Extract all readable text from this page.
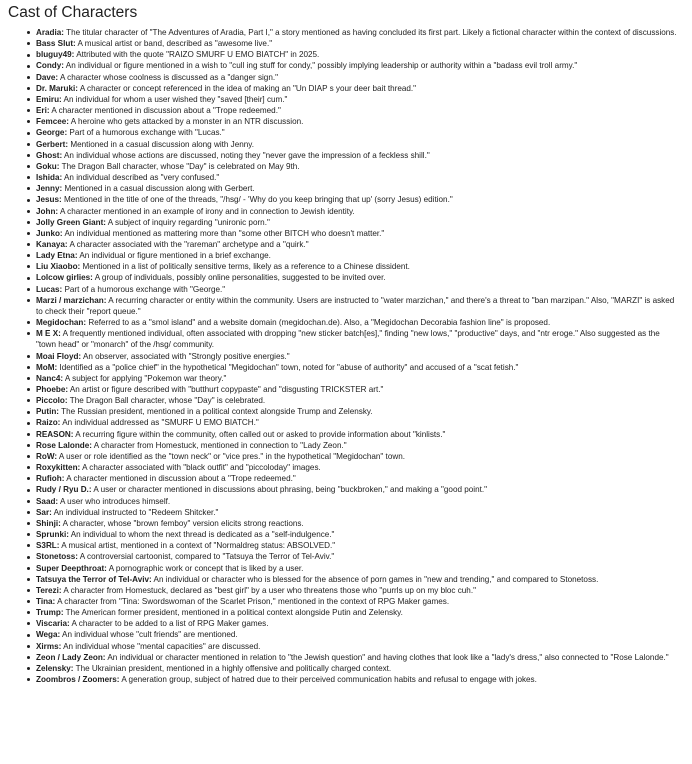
Cast of Characters
Aradia: The titular character of "The Adventures of Aradia, Part I," a story mentioned as having concluded its first part. Likely a fictional character within the context of discussions.
Bass Slut: A musical artist or band, described as "awesome live."
bluguy49: Attributed with the quote "RAIZO SMURF U EMO BIATCH" in 2025.
Condy: An individual or figure mentioned in a wish to "cull ing stuff for condy," possibly implying leadership or authority within a "badass evil troll army."
Dave: A character whose coolness is discussed as a "danger sign."
Dr. Maruki: A character or concept referenced in the idea of making an "Un DIAP s your deer bait thread."
Emiru: An individual for whom a user wished they "saved [their] cum."
Eri: A character mentioned in discussion about a "Trope redeemed."
Femcee: A heroine who gets attacked by a monster in an NTR discussion.
George: Part of a humorous exchange with "Lucas."
Gerbert: Mentioned in a casual discussion along with Jenny.
Ghost: An individual whose actions are discussed, noting they "never gave the impression of a feckless shill."
Goku: The Dragon Ball character, whose "Day" is celebrated on May 9th.
Ishida: An individual described as "very confused."
Jenny: Mentioned in a casual discussion along with Gerbert.
Jesus: Mentioned in the title of one of the threads, "/hsg/ - 'Why do you keep bringing that up' (sorry Jesus) edition."
John: A character mentioned in an example of irony and in connection to Jewish identity.
Jolly Green Giant: A subject of inquiry regarding "unironic porn."
Junko: An individual mentioned as mattering more than "some other BITCH who doesn't matter."
Kanaya: A character associated with the "rareman" archetype and a "quirk."
Lady Etna: An individual or figure mentioned in a brief exchange.
Liu Xiaobo: Mentioned in a list of politically sensitive terms, likely as a reference to a Chinese dissident.
Lolcow girlies: A group of individuals, possibly online personalities, suggested to be invited over.
Lucas: Part of a humorous exchange with "George."
Marzi / marzichan: A recurring character or entity within the community. Users are instructed to "water marzichan," and there's a threat to "ban marzipan." Also, "MARZI" is asked to check their "report queue."
Megidochan: Referred to as a "smol island" and a website domain (megidochan.de). Also, a "Megidochan Decorabia fashion line" is proposed.
M E X: A frequently mentioned individual, often associated with dropping "new sticker batch[es]," finding "new lows," "productive" days, and "ntr eroge." Also suggested as the "town head" or "monarch" of the /hsg/ community.
Moai Floyd: An observer, associated with "Strongly positive energies."
MoM: Identified as a "police chief" in the hypothetical "Megidochan" town, noted for "abuse of authority" and accused of a "scat fetish."
Nanc4: A subject for applying "Pokemon war theory."
Phoebe: An artist or figure described with "butthurt copypaste" and "disgusting TRICKSTER art."
Piccolo: The Dragon Ball character, whose "Day" is celebrated.
Putin: The Russian president, mentioned in a political context alongside Trump and Zelensky.
Raizo: An individual addressed as "SMURF U EMO BIATCH."
REASON: A recurring figure within the community, often called out or asked to provide information about "kinlists."
Rose Lalonde: A character from Homestuck, mentioned in connection to "Lady Zeon."
RoW: A user or role identified as the "town neck" or "vice pres." in the hypothetical "Megidochan" town.
Roxykitten: A character associated with "black outfit" and "piccoloday" images.
Rufioh: A character mentioned in discussion about a "Trope redeemed."
Rudy / Ryu D.: A user or character mentioned in discussions about phrasing, being "buckbroken," and making a "good point."
Saad: A user who introduces himself.
Sar: An individual instructed to "Redeem Shitcker."
Shinji: A character, whose "brown femboy" version elicits strong reactions.
Sprunki: An individual to whom the next thread is dedicated as a "self-indulgence."
S3RL: A musical artist, mentioned in a context of "Normaldreg status: ABSOLVED."
Stonetoss: A controversial cartoonist, compared to "Tatsuya the Terror of Tel-Aviv."
Super Deepthroat: A pornographic work or concept that is liked by a user.
Tatsuya the Terror of Tel-Aviv: An individual or character who is blessed for the absence of porn games in "new and trending," and compared to Stonetoss.
Terezi: A character from Homestuck, declared as "best girl" by a user who threatens those who "purrls up on my bloc cuh."
Tina: A character from "Tina: Swordswoman of the Scarlet Prison," mentioned in the context of RPG Maker games.
Trump: The American former president, mentioned in a political context alongside Putin and Zelensky.
Viscaria: A character to be added to a list of RPG Maker games.
Wega: An individual whose "cult friends" are mentioned.
Xirms: An individual whose "mental capacities" are discussed.
Zeon / Lady Zeon: An individual or character mentioned in relation to "the Jewish question" and having clothes that look like a "lady's dress," also connected to "Rose Lalonde."
Zelensky: The Ukrainian president, mentioned in a highly offensive and politically charged context.
Zoombros / Zoomers: A generation group, subject of hatred due to their perceived communication habits and refusal to engage with jokes.
